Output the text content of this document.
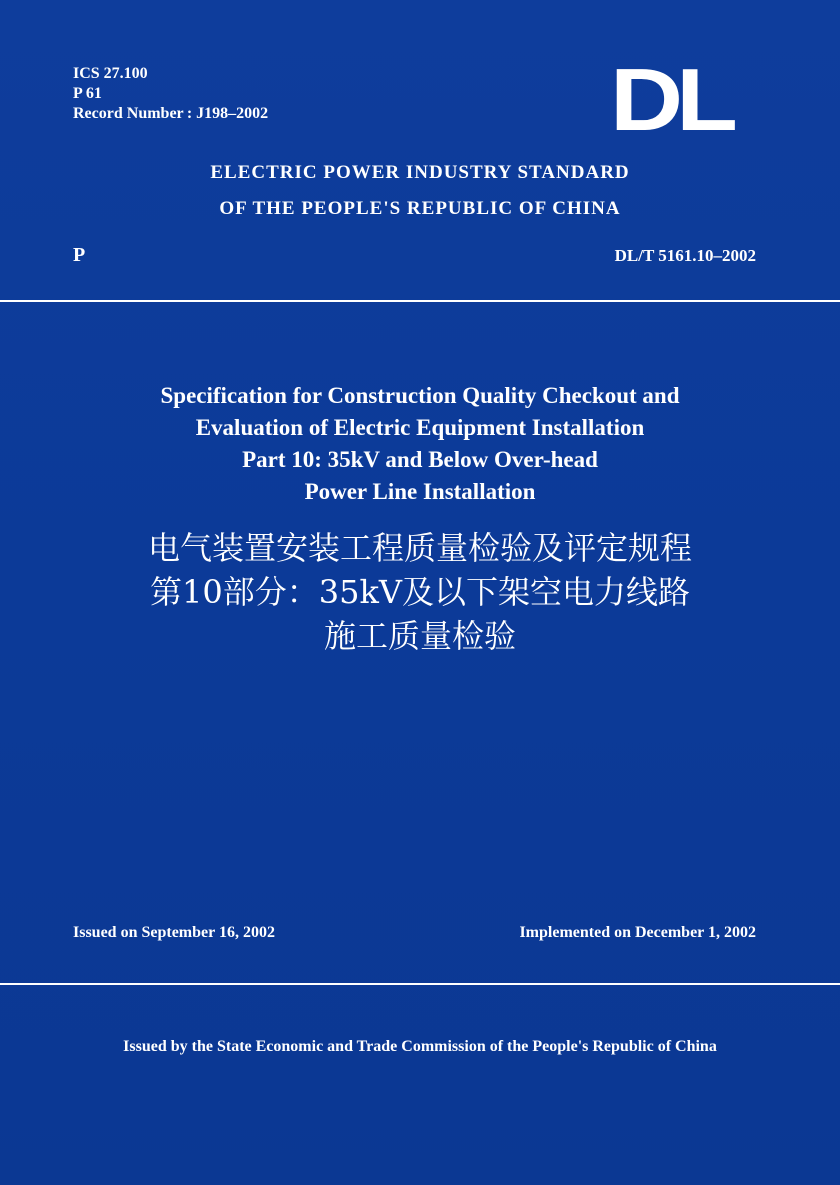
ICS 27.100
P 61
Record Number : J198–2002	DL
ELECTRIC POWER INDUSTRY STANDARD
OF THE PEOPLE'S REPUBLIC OF CHINA
P	DL/T 5161.10–2002
Specification for Construction Quality Checkout and
Evaluation of Electric Equipment Installation
Part 10: 35kV and Below Over-head
Power Line Installation
电气装置安装工程质量检验及评定规程
第10部分：35kV及以下架空电力线路
施工质量检验
Issued on September 16, 2002	Implemented on December 1, 2002
Issued by the State Economic and Trade Commission of the People's Republic of China
